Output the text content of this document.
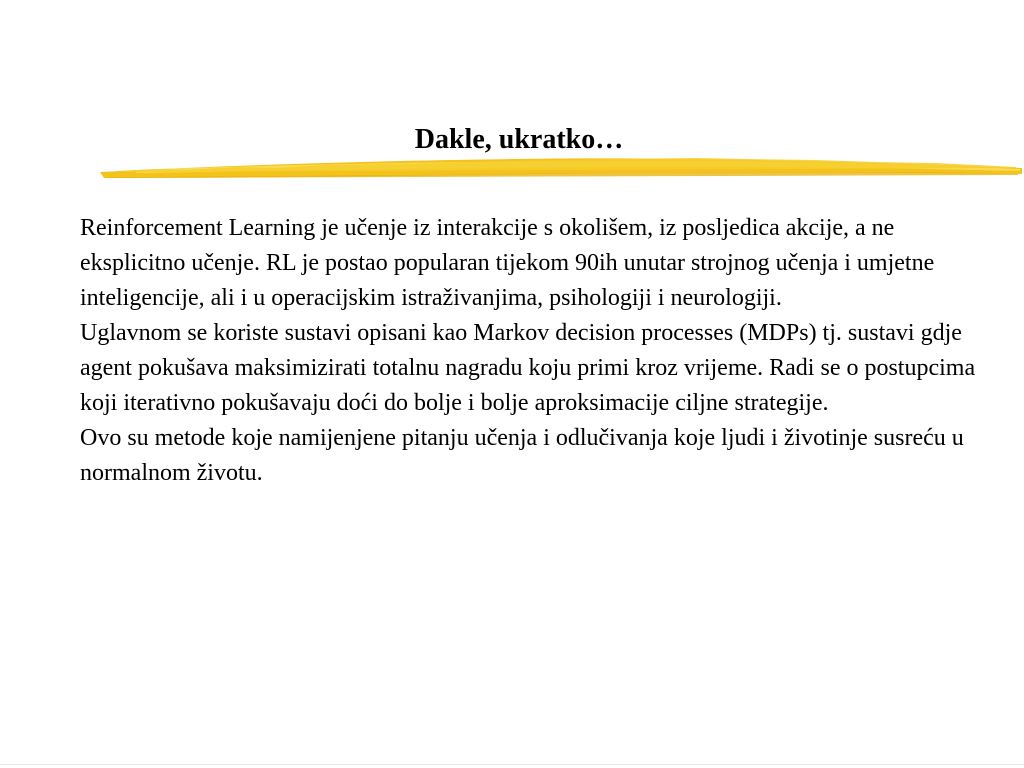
Dakle, ukratko…

Reinforcement Learning je učenje iz interakcije s okolišem, iz posljedica akcije, a ne eksplicitno učenje. RL je postao popularan tijekom 90ih unutar strojnog učenja i umjetne inteligencije, ali i u operacijskim istraživanjima, psihologiji i neurologiji.

Uglavnom se koriste sustavi opisani kao Markov decision processes (MDPs) tj. sustavi gdje agent pokušava maksimizirati totalnu nagradu koju primi kroz vrijeme. Radi se o postupcima koji iterativno pokušavaju doći do bolje i bolje aproksimacije ciljne strategije.

Ovo su metode koje namijenjene pitanju učenja i odlučivanja koje ljudi i životinje susreću u normalnom životu.
